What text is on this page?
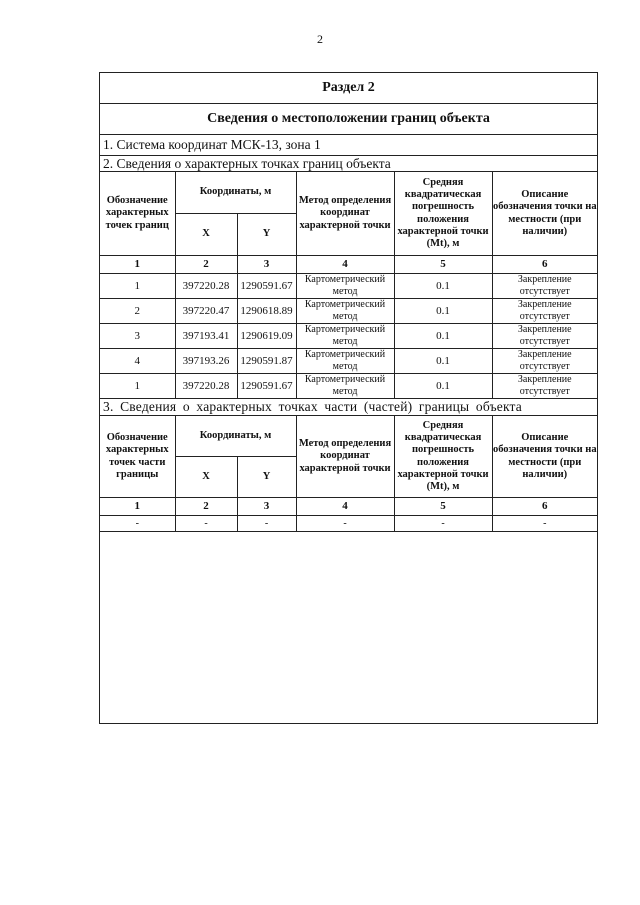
2
Раздел 2
Сведения о местоположении границ объекта
1. Система координат МСК-13, зона 1
2. Сведения о характерных точках границ объекта
Обозначение характерных точек границ	Координаты, м		Метод определения координат характерной точки	Средняя квадратическая погрешность положения характерной точки (Mt), м	Описание обозначения точки на местности (при наличии)
	X	Y			
1	2	3	4	5	6
1	397220.28	1290591.67	Картометрический метод	0.1	Закрепление отсутствует
2	397220.47	1290618.89	Картометрический метод	0.1	Закрепление отсутствует
3	397193.41	1290619.09	Картометрический метод	0.1	Закрепление отсутствует
4	397193.26	1290591.87	Картометрический метод	0.1	Закрепление отсутствует
1	397220.28	1290591.67	Картометрический метод	0.1	Закрепление отсутствует
3. Сведения о характерных точках части (частей) границы объекта
Обозначение характерных точек части границы	Координаты, м		Метод определения координат характерной точки	Средняя квадратическая погрешность положения характерной точки (Mt), м	Описание обозначения точки на местности (при наличии)
	X	Y			
1	2	3	4	5	6
-	-	-	-	-	-
